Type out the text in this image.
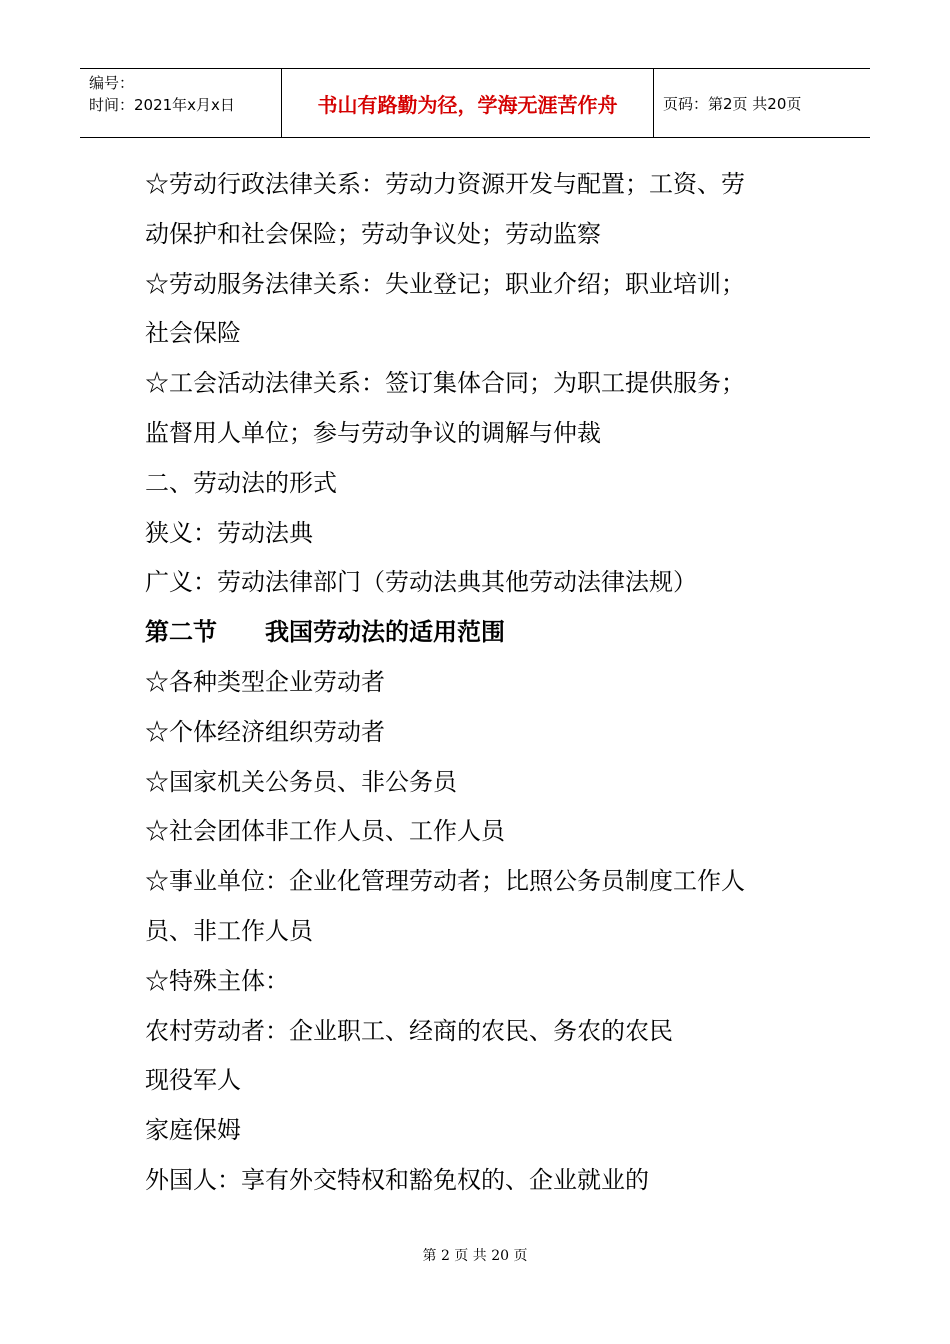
编号：
时间：2021年x月x日	书山有路勤为径，学海无涯苦作舟	页码：第2页 共20页
☆劳动行政法律关系：劳动力资源开发与配置；工资、劳
动保护和社会保险；劳动争议处；劳动监察
☆劳动服务法律关系：失业登记；职业介绍；职业培训；
社会保险
☆工会活动法律关系：签订集体合同；为职工提供服务；
监督用人单位；参与劳动争议的调解与仲裁
二、劳动法的形式
狭义：劳动法典
广义：劳动法律部门（劳动法典其他劳动法律法规）
第二节　　我国劳动法的适用范围
☆各种类型企业劳动者
☆个体经济组织劳动者
☆国家机关公务员、非公务员
☆社会团体非工作人员、工作人员
☆事业单位：企业化管理劳动者；比照公务员制度工作人
员、非工作人员
☆特殊主体：
农村劳动者：企业职工、经商的农民、务农的农民
现役军人
家庭保姆
外国人：享有外交特权和豁免权的、企业就业的
第 2 页 共 20 页
